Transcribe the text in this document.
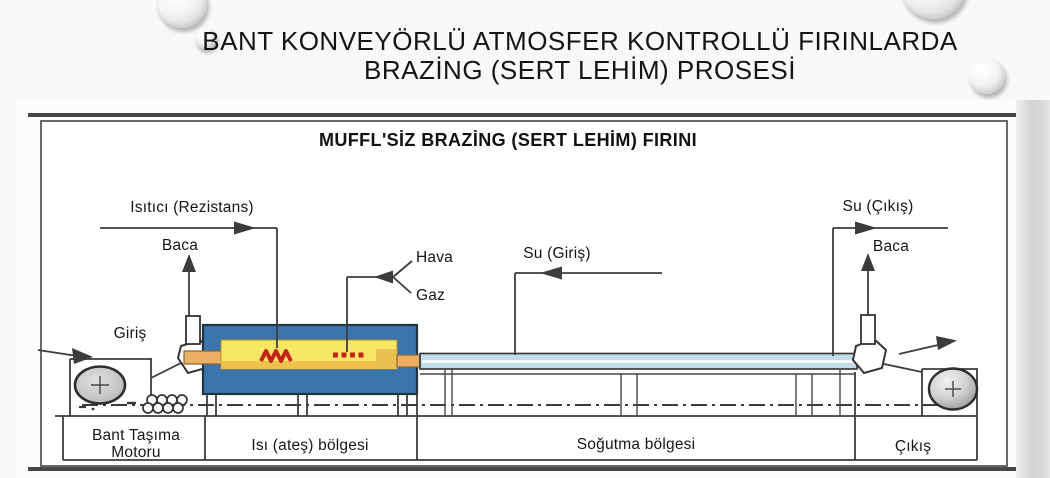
BANT KONVEYÖRLÜ ATMOSFER KONTROLLÜ FIRINLARDA
BRAZİNG (SERT LEHİM) PROSESİ
MUFFL'SİZ BRAZİNG (SERT LEHİM) FIRINI
Bant Taşıma
Motoru	Isı (ateş) bölgesi	Soğutma bölgesi	Çıkış
Giriş
Baca
Isıtıcı (Rezistans)
Hava
Gaz
Su (Giriş)
Su (Çıkış)
Baca
